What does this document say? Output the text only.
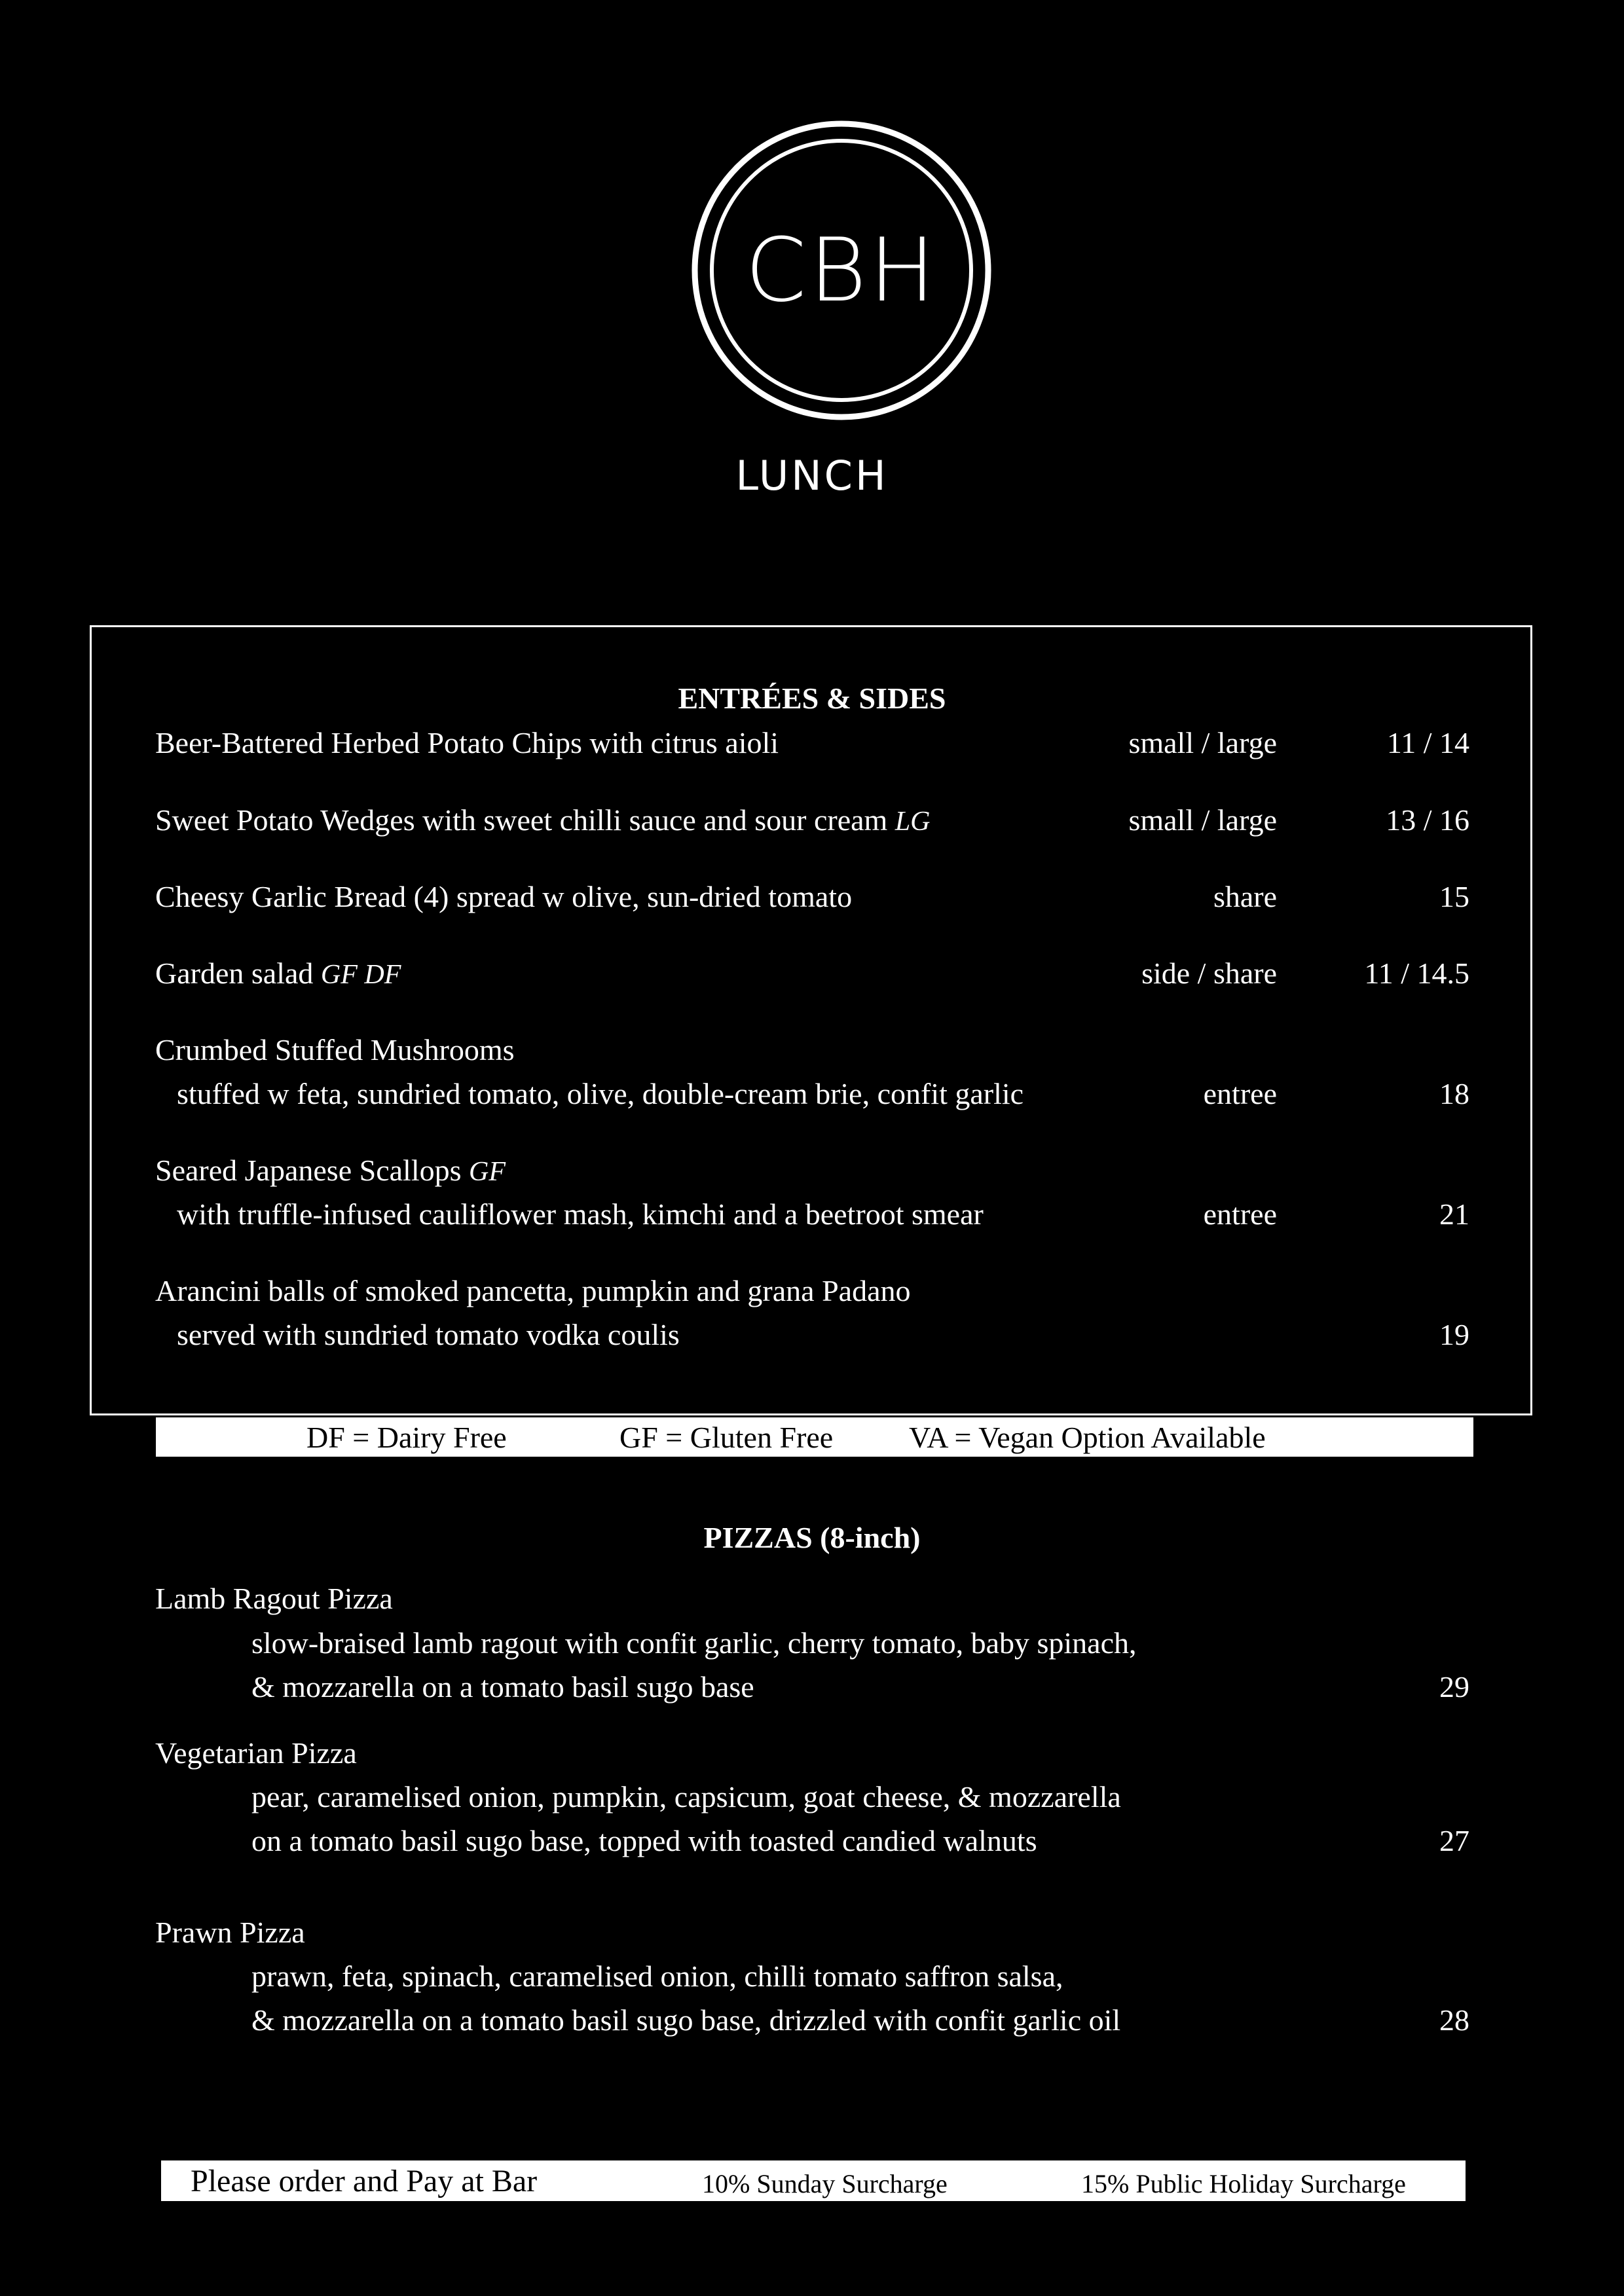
CBH
LUNCH
ENTRÉES & SIDES
Beer-Battered Herbed Potato Chips with citrus aioli	small / large	11 / 14
Sweet Potato Wedges with sweet chilli sauce and sour cream LG	small / large	13 / 16
Cheesy Garlic Bread (4) spread w olive, sun-dried tomato	share	15
Garden salad GF DF	side / share	11 / 14.5
Crumbed Stuffed Mushrooms
stuffed w feta, sundried tomato, olive, double-cream brie, confit garlic	entree	18
Seared Japanese Scallops GF
with truffle-infused cauliflower mash, kimchi and a beetroot smear	entree	21
Arancini balls of smoked pancetta, pumpkin and grana Padano
served with sundried tomato vodka coulis	19
DF = Dairy Free	GF = Gluten Free	VA = Vegan Option Available
PIZZAS (8-inch)
Lamb Ragout Pizza
slow-braised lamb ragout with confit garlic, cherry tomato, baby spinach,
& mozzarella on a tomato basil sugo base	29
Vegetarian Pizza
pear, caramelised onion, pumpkin, capsicum, goat cheese, & mozzarella
on a tomato basil sugo base, topped with toasted candied walnuts	27
Prawn Pizza
prawn, feta, spinach, caramelised onion, chilli tomato saffron salsa,
& mozzarella on a tomato basil sugo base, drizzled with confit garlic oil	28
Please order and Pay at Bar	10% Sunday Surcharge	15% Public Holiday Surcharge
